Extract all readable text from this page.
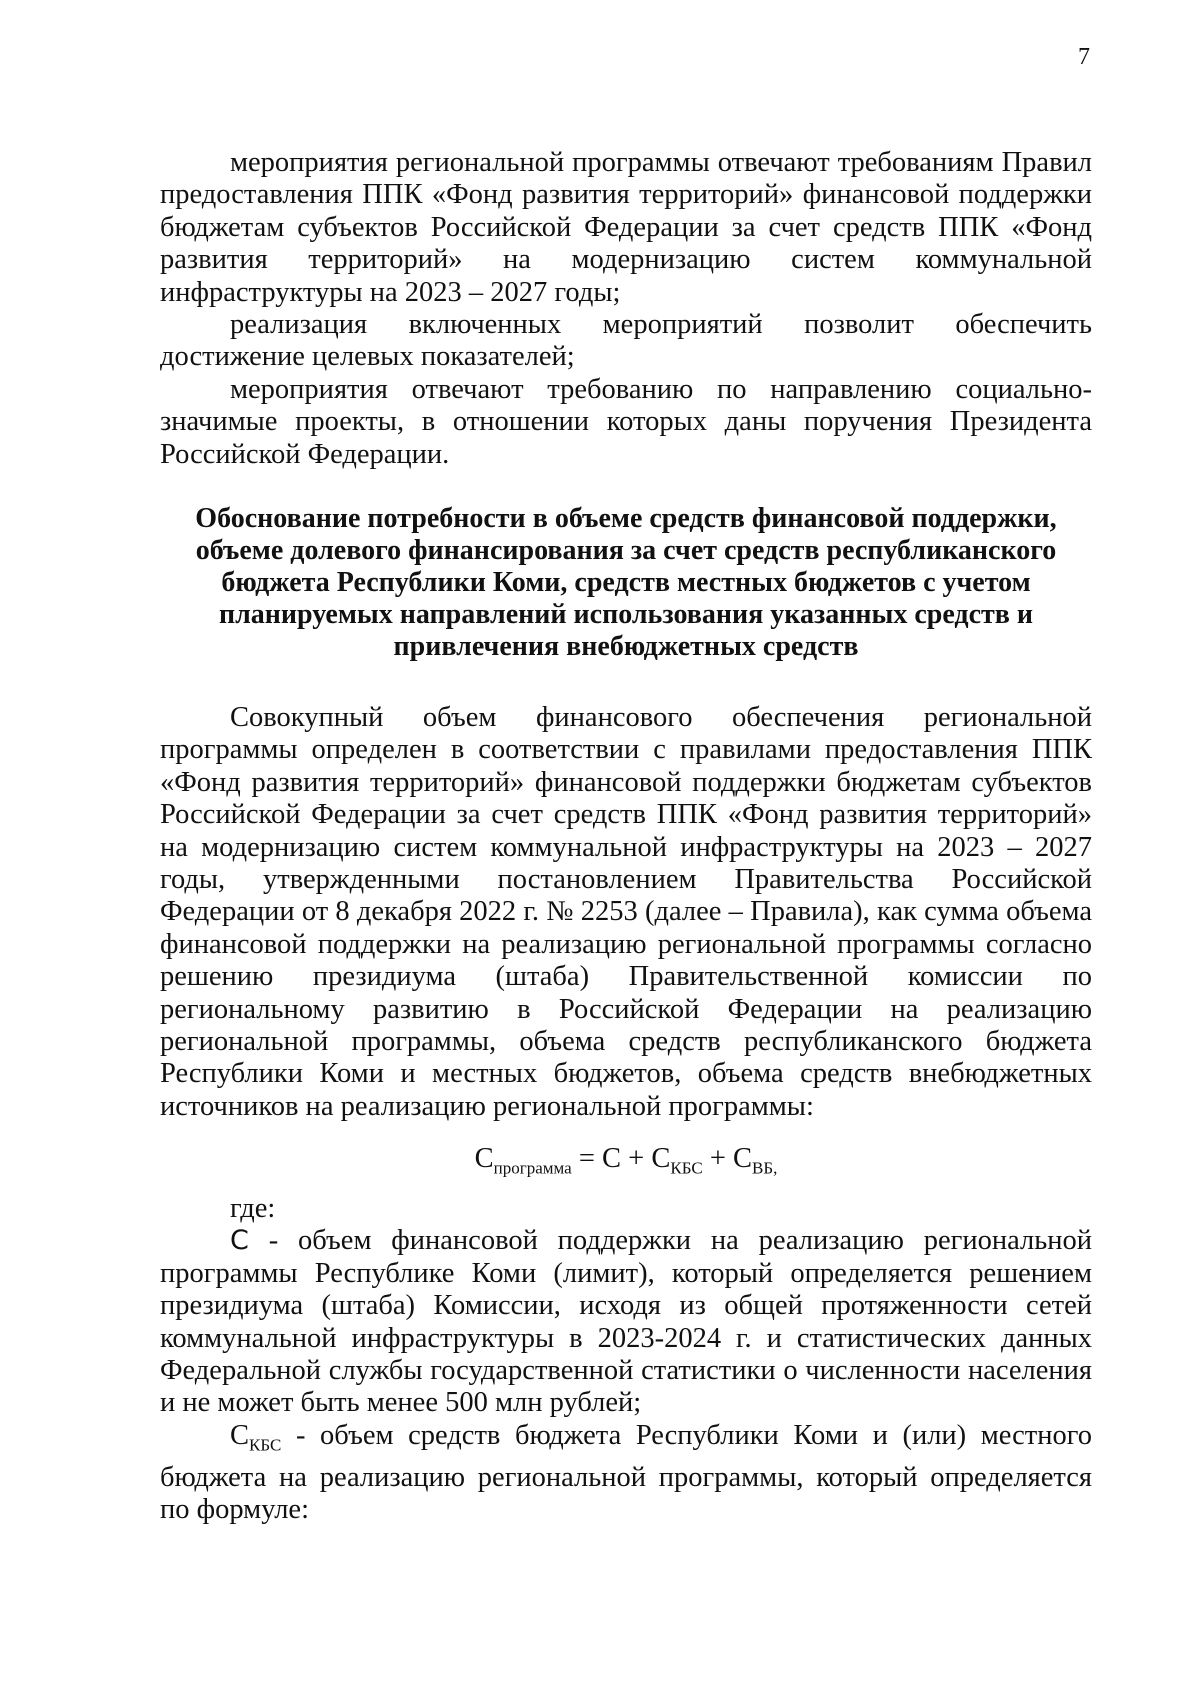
7

мероприятия региональной программы отвечают требованиям Правил предоставления ППК «Фонд развития территорий» финансовой поддержки бюджетам субъектов Российской Федерации за счет средств ППК «Фонд развития территорий» на модернизацию систем коммунальной инфраструктуры на 2023 – 2027 годы;

реализация включенных мероприятий позволит обеспечить достижение целевых показателей;

мероприятия отвечают требованию по направлению социально-значимые проекты, в отношении которых даны поручения Президента Российской Федерации.

Обоснование потребности в объеме средств финансовой поддержки,
объеме долевого финансирования за счет средств республиканского
бюджета Республики Коми, средств местных бюджетов с учетом
планируемых направлений использования указанных средств и
привлечения внебюджетных средств

Совокупный объем финансового обеспечения региональной программы определен в соответствии с правилами предоставления ППК «Фонд развития территорий» финансовой поддержки бюджетам субъектов Российской Федерации за счет средств ППК «Фонд развития территорий» на модернизацию систем коммунальной инфраструктуры на 2023 – 2027 годы, утвержденными постановлением Правительства Российской Федерации от 8 декабря 2022 г. № 2253 (далее – Правила), как сумма объема финансовой поддержки на реализацию региональной программы согласно решению президиума (штаба) Правительственной комиссии по региональному развитию в Российской Федерации на реализацию региональной программы, объема средств республиканского бюджета Республики Коми и местных бюджетов, объема средств внебюджетных источников на реализацию региональной программы:

$C_{программа} = C + C_{КБС} + C_{ВБ,}$

где:

C - объем финансовой поддержки на реализацию региональной программы Республике Коми (лимит), который определяется решением президиума (штаба) Комиссии, исходя из общей протяженности сетей коммунальной инфраструктуры в 2023-2024 г. и статистических данных Федеральной службы государственной статистики о численности населения и не может быть менее 500 млн рублей;

$C_{КБС}$ - объем средств бюджета Республики Коми и (или) местного бюджета на реализацию региональной программы, который определяется по формуле:
